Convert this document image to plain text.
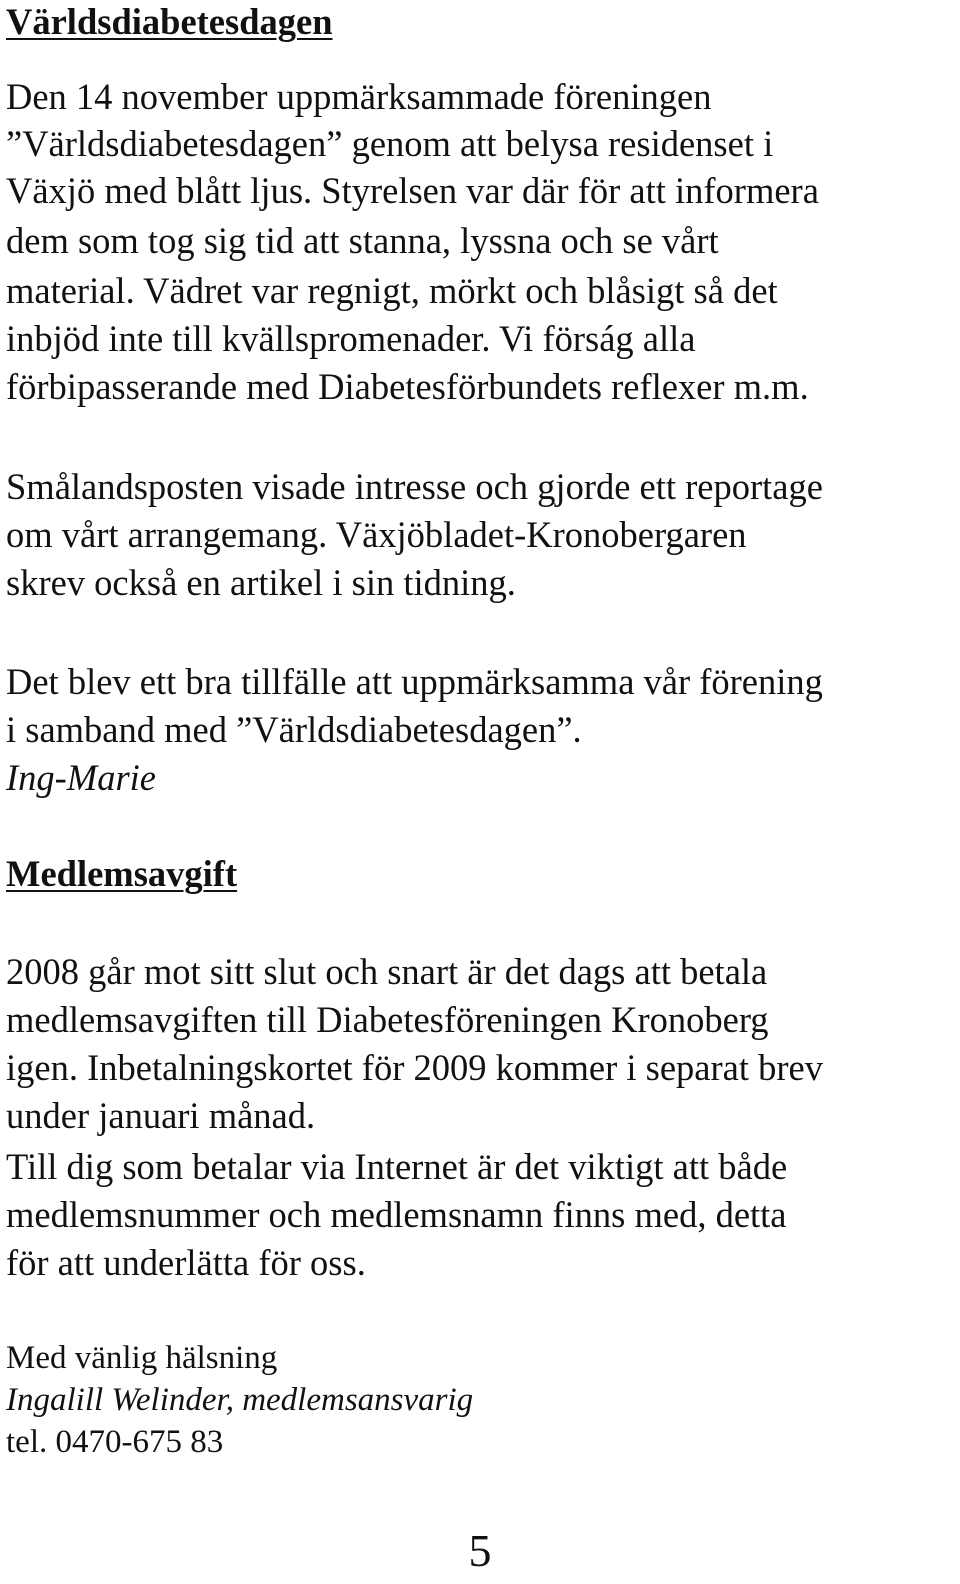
Världsdiabetesdagen

Den 14 november uppmärksammade föreningen

”Världsdiabetesdagen” genom att belysa residenset i

Växjö med blått ljus. Styrelsen var där för att informera

dem som tog sig tid att stanna, lyssna och se vårt

material. Vädret var regnigt, mörkt och blåsigt så det

inbjöd inte till kvällspromenader. Vi förság alla

förbipasserande med Diabetesförbundets reflexer m.m.

Smålandsposten visade intresse och gjorde ett reportage

om vårt arrangemang. Växjöbladet-Kronobergaren

skrev också en artikel i sin tidning.

Det blev ett bra tillfälle att uppmärksamma vår förening

i samband med ”Världsdiabetesdagen”.

Ing-Marie

Medlemsavgift

2008 går mot sitt slut och snart är det dags att betala

medlemsavgiften till Diabetesföreningen Kronoberg

igen. Inbetalningskortet för 2009 kommer i separat brev

under januari månad.

Till dig som betalar via Internet är det viktigt att både

medlemsnummer och medlemsnamn finns med, detta

för att underlätta för oss.

Med vänlig hälsning

Ingalill Welinder, medlemsansvarig

tel. 0470-675 83

5
